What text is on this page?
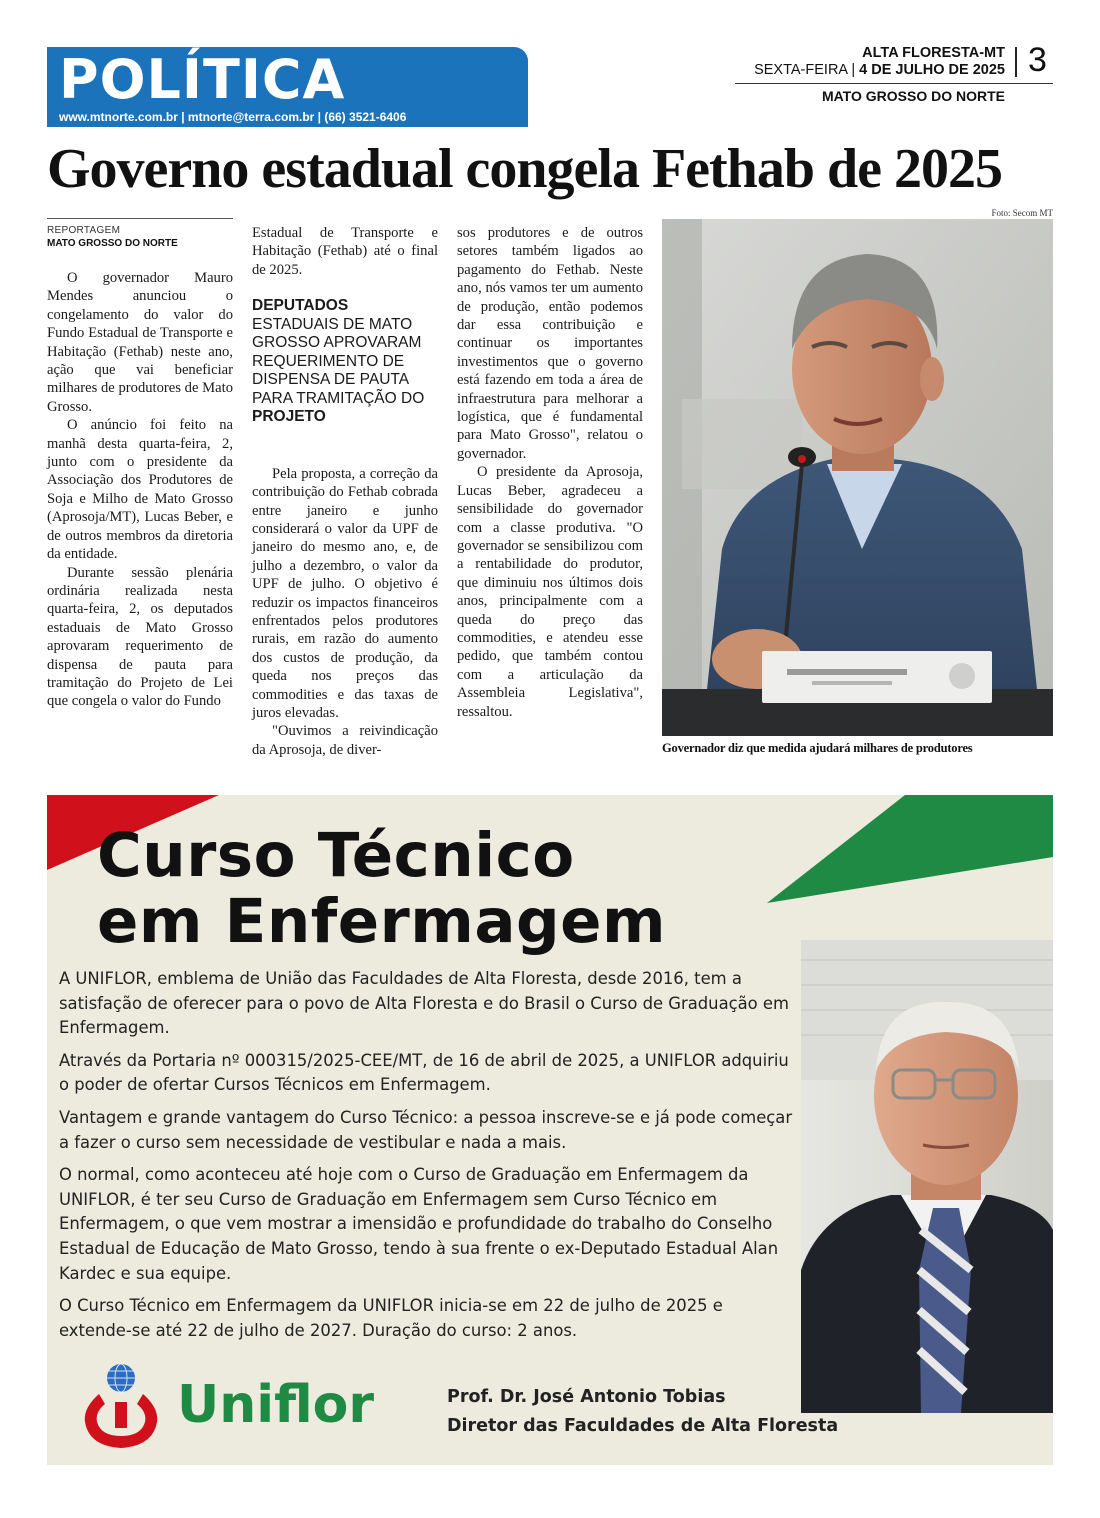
POLÍTICA
www.mtnorte.com.br | mtnorte@terra.com.br | (66) 3521-6406
ALTA FLORESTA-MT
SEXTA-FEIRA | 4 DE JULHO DE 2025 3
MATO GROSSO DO NORTE
Governo estadual congela Fethab de 2025
REPORTAGEM
MATO GROSSO DO NORTE

O governador Mauro Mendes anunciou o congelamento do valor do Fundo Estadual de Transporte e Habitação (Fethab) neste ano, ação que vai beneficiar milhares de produtores de Mato Grosso.

O anúncio foi feito na manhã desta quarta-feira, 2, junto com o presidente da Associação dos Produtores de Soja e Milho de Mato Grosso (Aprosoja/MT), Lucas Beber, e de outros membros da diretoria da entidade.

Durante sessão plenária ordinária realizada nesta quarta-feira, 2, os deputados estaduais de Mato Grosso aprovaram requerimento de dispensa de pauta para tramitação do Projeto de Lei que congela o valor do Fundo

Estadual de Transporte e Habitação (Fethab) até o final de 2025.

DEPUTADOS ESTADUAIS DE MATO GROSSO APROVARAM REQUERIMENTO DE DISPENSA DE PAUTA PARA TRAMITAÇÃO DO PROJETO

Pela proposta, a correção da contribuição do Fethab cobrada entre janeiro e junho considerará o valor da UPF de janeiro do mesmo ano, e, de julho a dezembro, o valor da UPF de julho. O objetivo é reduzir os impactos financeiros enfrentados pelos produtores rurais, em razão do aumento dos custos de produção, da queda nos preços das commodities e das taxas de juros elevadas.

"Ouvimos a reivindicação da Aprosoja, de diver-

sos produtores e de outros setores também ligados ao pagamento do Fethab. Neste ano, nós vamos ter um aumento de produção, então podemos dar essa contribuição e continuar os importantes investimentos que o governo está fazendo em toda a área de infraestrutura para melhorar a logística, que é fundamental para Mato Grosso", relatou o governador.

O presidente da Aprosoja, Lucas Beber, agradeceu a sensibilidade do governador com a classe produtiva. "O governador se sensibilizou com a rentabilidade do produtor, que diminuiu nos últimos dois anos, principalmente com a queda do preço das commodities, e atendeu esse pedido, que também contou com a articulação da Assembleia Legislativa", ressaltou.

Foto: Secom MT
Governador diz que medida ajudará milhares de produtores
Curso Técnico
em Enfermagem

A UNIFLOR, emblema de União das Faculdades de Alta Floresta, desde 2016, tem a satisfação de oferecer para o povo de Alta Floresta e do Brasil o Curso de Graduação em Enfermagem.

Através da Portaria nº 000315/2025-CEE/MT, de 16 de abril de 2025, a UNIFLOR adquiriu o poder de ofertar Cursos Técnicos em Enfermagem.

Vantagem e grande vantagem do Curso Técnico: a pessoa inscreve-se e já pode começar a fazer o curso sem necessidade de vestibular e nada a mais.

O normal, como aconteceu até hoje com o Curso de Graduação em Enfermagem da UNIFLOR, é ter seu Curso de Graduação em Enfermagem sem Curso Técnico em Enfermagem, o que vem mostrar a imensidão e profundidade do trabalho do Conselho Estadual de Educação de Mato Grosso, tendo à sua frente o ex-Deputado Estadual Alan Kardec e sua equipe.

O Curso Técnico em Enfermagem da UNIFLOR inicia-se em 22 de julho de 2025 e extende-se até 22 de julho de 2027. Duração do curso: 2 anos.

Uniflor	Prof. Dr. José Antonio Tobias
Diretor das Faculdades de Alta Floresta
